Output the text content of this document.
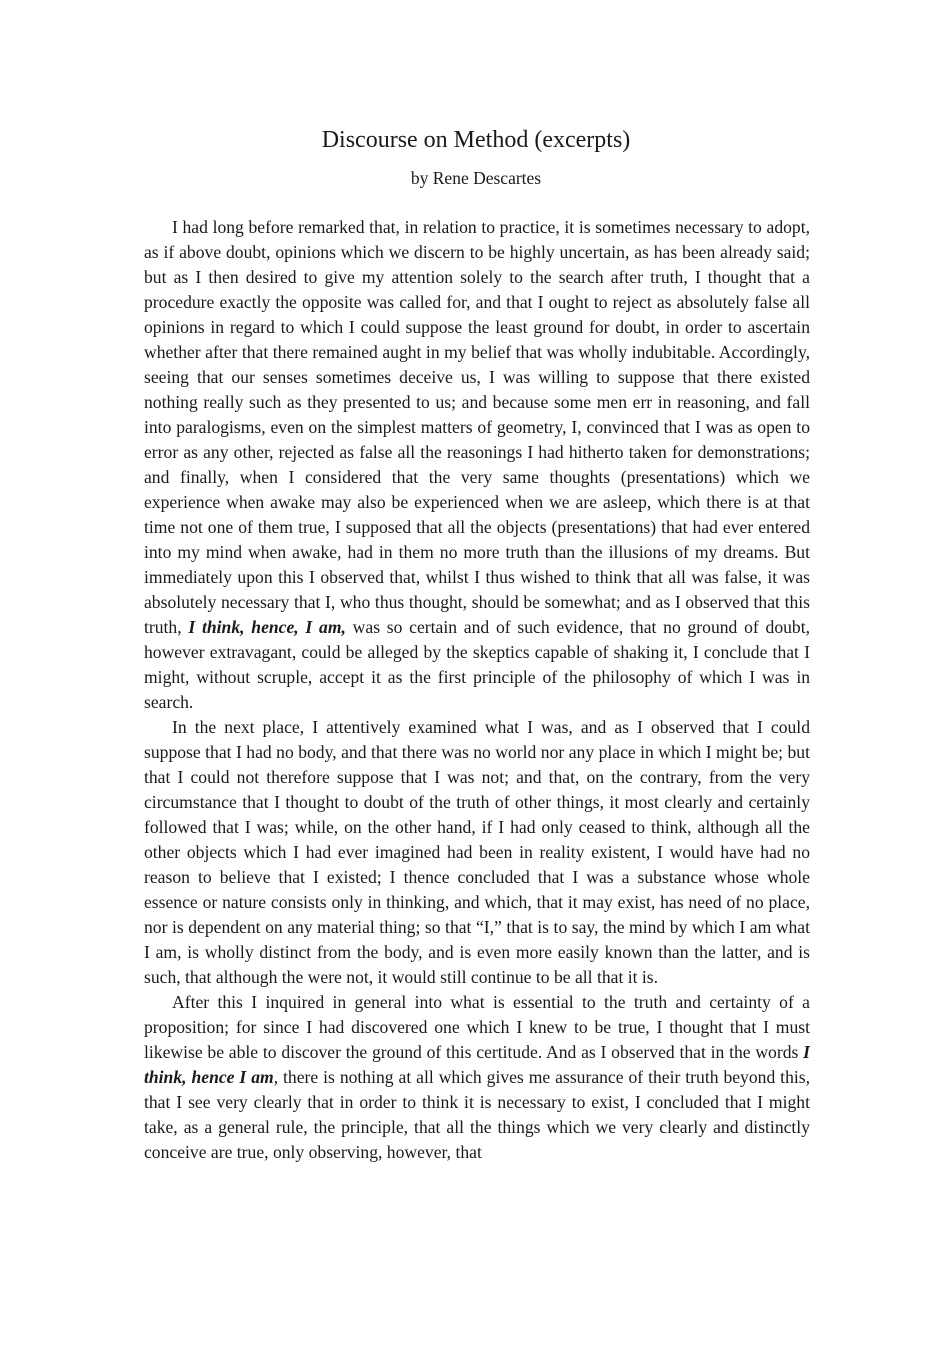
Discourse on Method (excerpts)

by Rene Descartes

I had long before remarked that, in relation to practice, it is sometimes necessary to adopt, as if above doubt, opinions which we discern to be highly uncertain, as has been already said; but as I then desired to give my attention solely to the search after truth, I thought that a procedure exactly the opposite was called for, and that I ought to reject as absolutely false all opinions in regard to which I could suppose the least ground for doubt, in order to ascertain whether after that there remained aught in my belief that was wholly indubitable. Accordingly, seeing that our senses sometimes deceive us, I was willing to suppose that there existed nothing really such as they presented to us; and because some men err in reasoning, and fall into paralogisms, even on the simplest matters of geometry, I, convinced that I was as open to error as any other, rejected as false all the reasonings I had hitherto taken for demonstrations; and finally, when I considered that the very same thoughts (presentations) which we experience when awake may also be experienced when we are asleep, which there is at that time not one of them true, I supposed that all the objects (presentations) that had ever entered into my mind when awake, had in them no more truth than the illusions of my dreams. But immediately upon this I observed that, whilst I thus wished to think that all was false, it was absolutely necessary that I, who thus thought, should be somewhat; and as I observed that this truth, I think, hence, I am, was so certain and of such evidence, that no ground of doubt, however extravagant, could be alleged by the skeptics capable of shaking it, I conclude that I might, without scruple, accept it as the first principle of the philosophy of which I was in search.

In the next place, I attentively examined what I was, and as I observed that I could suppose that I had no body, and that there was no world nor any place in which I might be; but that I could not therefore suppose that I was not; and that, on the contrary, from the very circumstance that I thought to doubt of the truth of other things, it most clearly and certainly followed that I was; while, on the other hand, if I had only ceased to think, although all the other objects which I had ever imagined had been in reality existent, I would have had no reason to believe that I existed; I thence concluded that I was a substance whose whole essence or nature consists only in thinking, and which, that it may exist, has need of no place, nor is dependent on any material thing; so that “I,” that is to say, the mind by which I am what I am, is wholly distinct from the body, and is even more easily known than the latter, and is such, that although the were not, it would still continue to be all that it is.

After this I inquired in general into what is essential to the truth and certainty of a proposition; for since I had discovered one which I knew to be true, I thought that I must likewise be able to discover the ground of this certitude. And as I observed that in the words I think, hence I am, there is nothing at all which gives me assurance of their truth beyond this, that I see very clearly that in order to think it is necessary to exist, I concluded that I might take, as a general rule, the principle, that all the things which we very clearly and distinctly conceive are true, only observing, however, that
